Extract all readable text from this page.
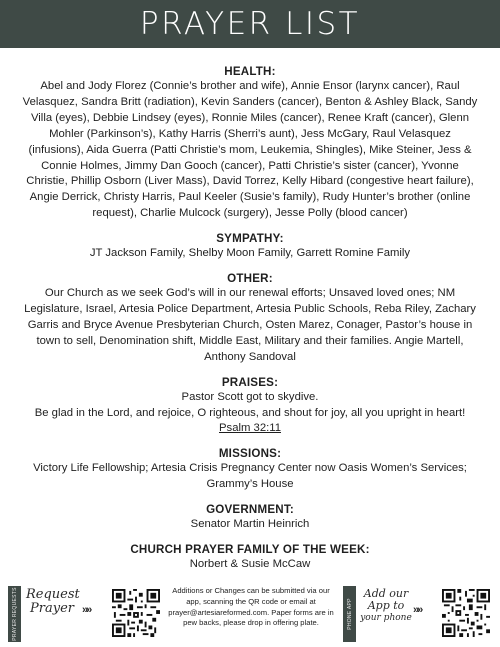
PRAYER LIST
HEALTH:

Abel and Jody Florez (Connie’s brother and wife), Annie Ensor (larynx cancer), Raul Velasquez, Sandra Britt (radiation), Kevin Sanders (cancer), Benton & Ashley Black, Sandy Villa (eyes), Debbie Lindsey (eyes), Ronnie Miles (cancer), Renee Kraft (cancer), Glenn Mohler (Parkinson’s), Kathy Harris (Sherri’s aunt), Jess McGary, Raul Velasquez (infusions), Aida Guerra (Patti Christie’s mom, Leukemia, Shingles), Mike Steiner, Jess & Connie Holmes, Jimmy Dan Gooch (cancer), Patti Christie’s sister (cancer), Yvonne Christie, Phillip Osborn (Liver Mass), David Torrez, Kelly Hibard (congestive heart failure), Angie Derrick, Christy Harris, Paul Keeler (Susie’s family), Rudy Hunter’s brother (online request), Charlie Mulcock (surgery), Jesse Polly (blood cancer)

SYMPATHY:

JT Jackson Family, Shelby Moon Family, Garrett Romine Family

OTHER:

Our Church as we seek God’s will in our renewal efforts; Unsaved loved ones; NM Legislature, Israel, Artesia Police Department, Artesia Public Schools, Reba Riley, Zachary Garris and Bryce Avenue Presbyterian Church, Osten Marez, Conager, Pastor’s house in town to sell, Denomination shift, Middle East, Military and their families. Angie Martell, Anthony Sandoval

PRAISES:

Pastor Scott got to skydive.
Be glad in the Lord, and rejoice, O righteous, and shout for joy, all you upright in heart! Psalm 32:11

MISSIONS:

Victory Life Fellowship; Artesia Crisis Pregnancy Center now Oasis Women’s Services; Grammy’s House

GOVERNMENT:

Senator Martin Heinrich

CHURCH PRAYER FAMILY OF THE WEEK:

Norbert & Susie McCaw

PRAYER REQUESTS Request
Prayer »»

Additions or Changes can be submitted via our app, scanning the QR code or email at prayer@artesiareformed.com. Paper forms are in pew backs, please drop in offering plate.	PHONE APP
Add our
App to
your phone
»»
